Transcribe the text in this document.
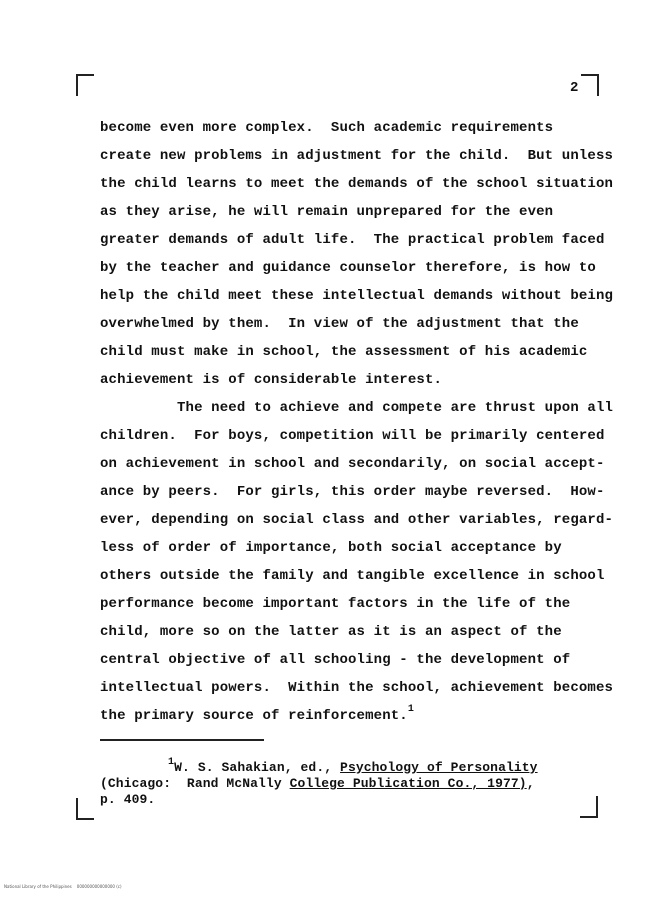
2
become even more complex.  Such academic requirements
create new problems in adjustment for the child.  But unless
the child learns to meet the demands of the school situation
as they arise, he will remain unprepared for the even
greater demands of adult life.  The practical problem faced
by the teacher and guidance counselor therefore, is how to
help the child meet these intellectual demands without being
overwhelmed by them.  In view of the adjustment that the
child must make in school, the assessment of his academic
achievement is of considerable interest.
The need to achieve and compete are thrust upon all
children.  For boys, competition will be primarily centered
on achievement in school and secondarily, on social accept-
ance by peers.  For girls, this order maybe reversed.  How-
ever, depending on social class and other variables, regard-
less of order of importance, both social acceptance by
others outside the family and tangible excellence in school
performance become important factors in the life of the
child, more so on the latter as it is an aspect of the
central objective of all schooling - the development of
intellectual powers.  Within the school, achievement becomes
the primary source of reinforcement.$^1$
$^1$W. S. Sahakian, ed., Psychology of Personality
(Chicago:  Rand McNally College Publication Co., 1977),
p. 409.
National Library of the Philippines    000000000000000 (c)
